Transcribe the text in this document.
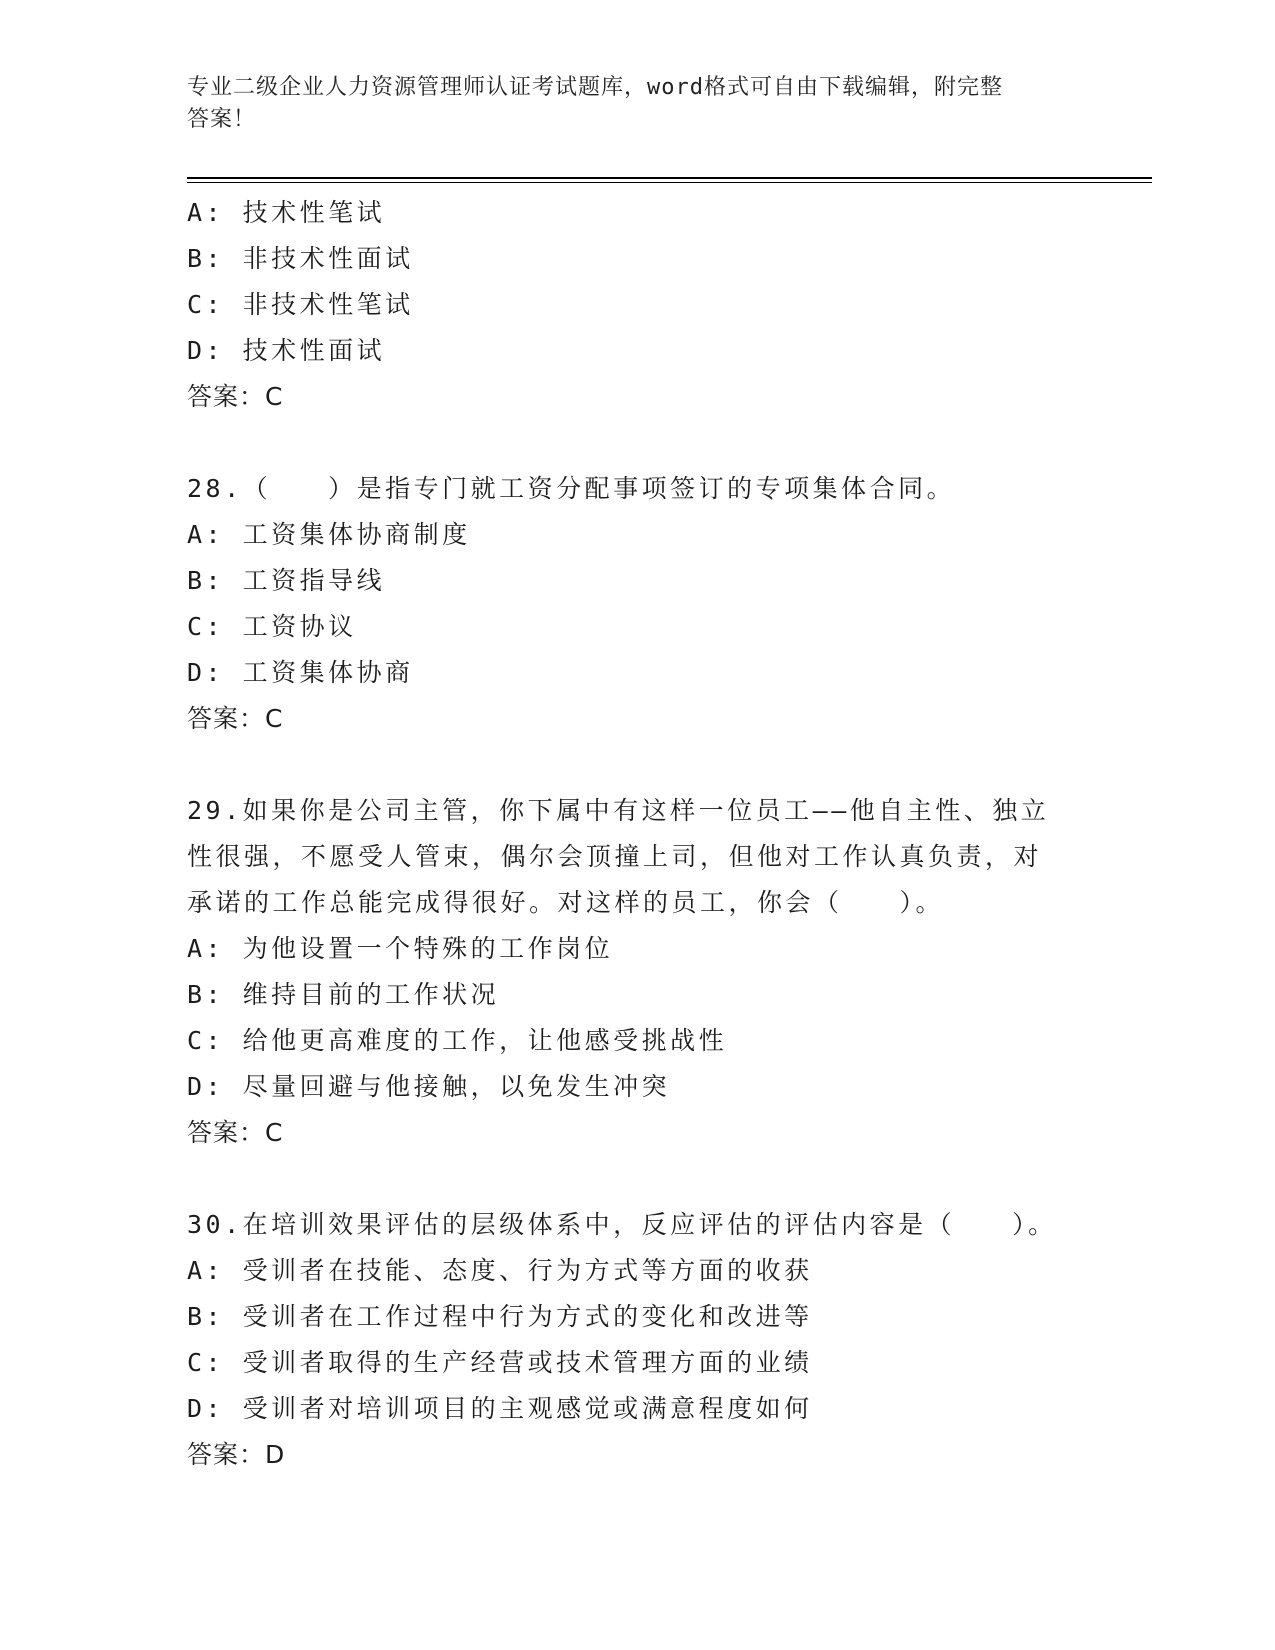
专业二级企业人力资源管理师认证考试题库，word格式可自由下载编辑，附完整
答案！
A: 技术性笔试
B: 非技术性面试
C: 非技术性笔试
D: 技术性面试
答案：C
28.（　　）是指专门就工资分配事项签订的专项集体合同。
A: 工资集体协商制度
B: 工资指导线
C: 工资协议
D: 工资集体协商
答案：C
29.如果你是公司主管，你下属中有这样一位员工——他自主性、独立
性很强，不愿受人管束，偶尔会顶撞上司，但他对工作认真负责，对
承诺的工作总能完成得很好。对这样的员工，你会（　　）。
A: 为他设置一个特殊的工作岗位
B: 维持目前的工作状况
C: 给他更高难度的工作，让他感受挑战性
D: 尽量回避与他接触，以免发生冲突
答案：C
30.在培训效果评估的层级体系中，反应评估的评估内容是（　　）。
A: 受训者在技能、态度、行为方式等方面的收获
B: 受训者在工作过程中行为方式的变化和改进等
C: 受训者取得的生产经营或技术管理方面的业绩
D: 受训者对培训项目的主观感觉或满意程度如何
答案：D
